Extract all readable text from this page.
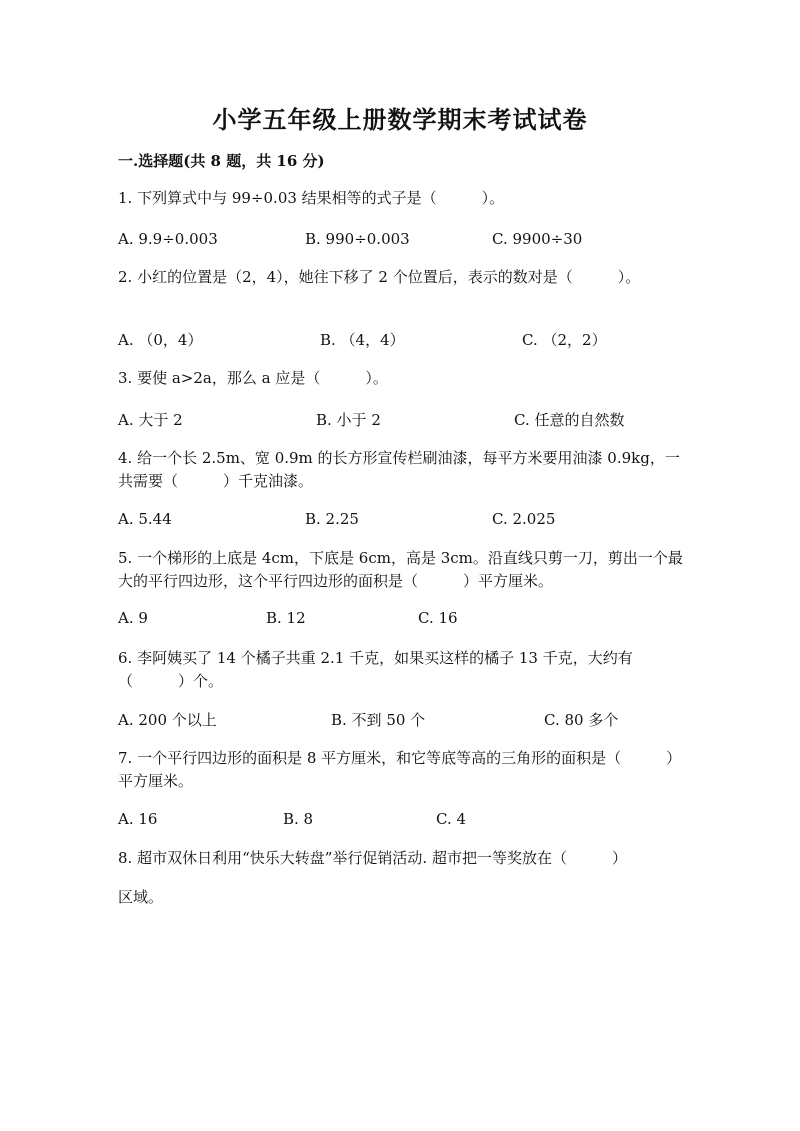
小学五年级上册数学期末考试试卷
一.选择题(共 8 题，共 16 分)
1. 下列算式中与 99÷0.03 结果相等的式子是（　　　）。
A. 9.9÷0.003	B. 990÷0.003	C. 9900÷30
2. 小红的位置是（2，4），她往下移了 2 个位置后，表示的数对是（　　　）。
A. （0，4）	B. （4，4）	C. （2，2）
3. 要使 a>2a，那么 a 应是（　　　）。
A. 大于 2	B. 小于 2	C. 任意的自然数
4. 给一个长 2.5m、宽 0.9m 的长方形宣传栏刷油漆，每平方米要用油漆 0.9kg，一共需要（　　　）千克油漆。
A. 5.44	B. 2.25	C. 2.025
5. 一个梯形的上底是 4cm，下底是 6cm，高是 3cm。沿直线只剪一刀，剪出一个最大的平行四边形，这个平行四边形的面积是（　　　）平方厘米。
A. 9	B. 12	C. 16
6. 李阿姨买了 14 个橘子共重 2.1 千克，如果买这样的橘子 13 千克，大约有（　　　）个。
A. 200 个以上	B. 不到 50 个	C. 80 多个
7. 一个平行四边形的面积是 8 平方厘米，和它等底等高的三角形的面积是（　　　）平方厘米。
A. 16	B. 8	C. 4
8. 超市双休日利用“快乐大转盘”举行促销活动. 超市把一等奖放在（　　　）
区域。
